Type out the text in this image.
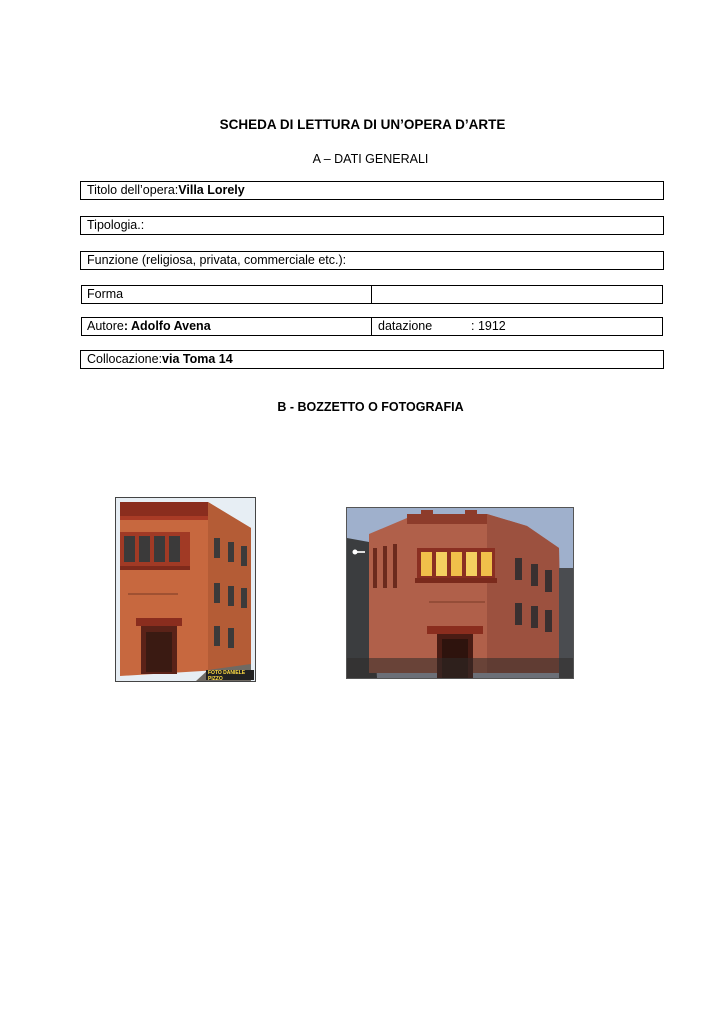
SCHEDA DI LETTURA DI UN’OPERA D’ARTE
A – DATI GENERALI
Titolo dell’opera:Villa Lorely
Tipologia.:
Funzione (religiosa, privata, commerciale etc.):
Forma
Autore: Adolfo Avena	datazione	: 1912
Collocazione:via Toma 14
B - BOZZETTO O FOTOGRAFIA
FOTO DANIELE PIZZO
